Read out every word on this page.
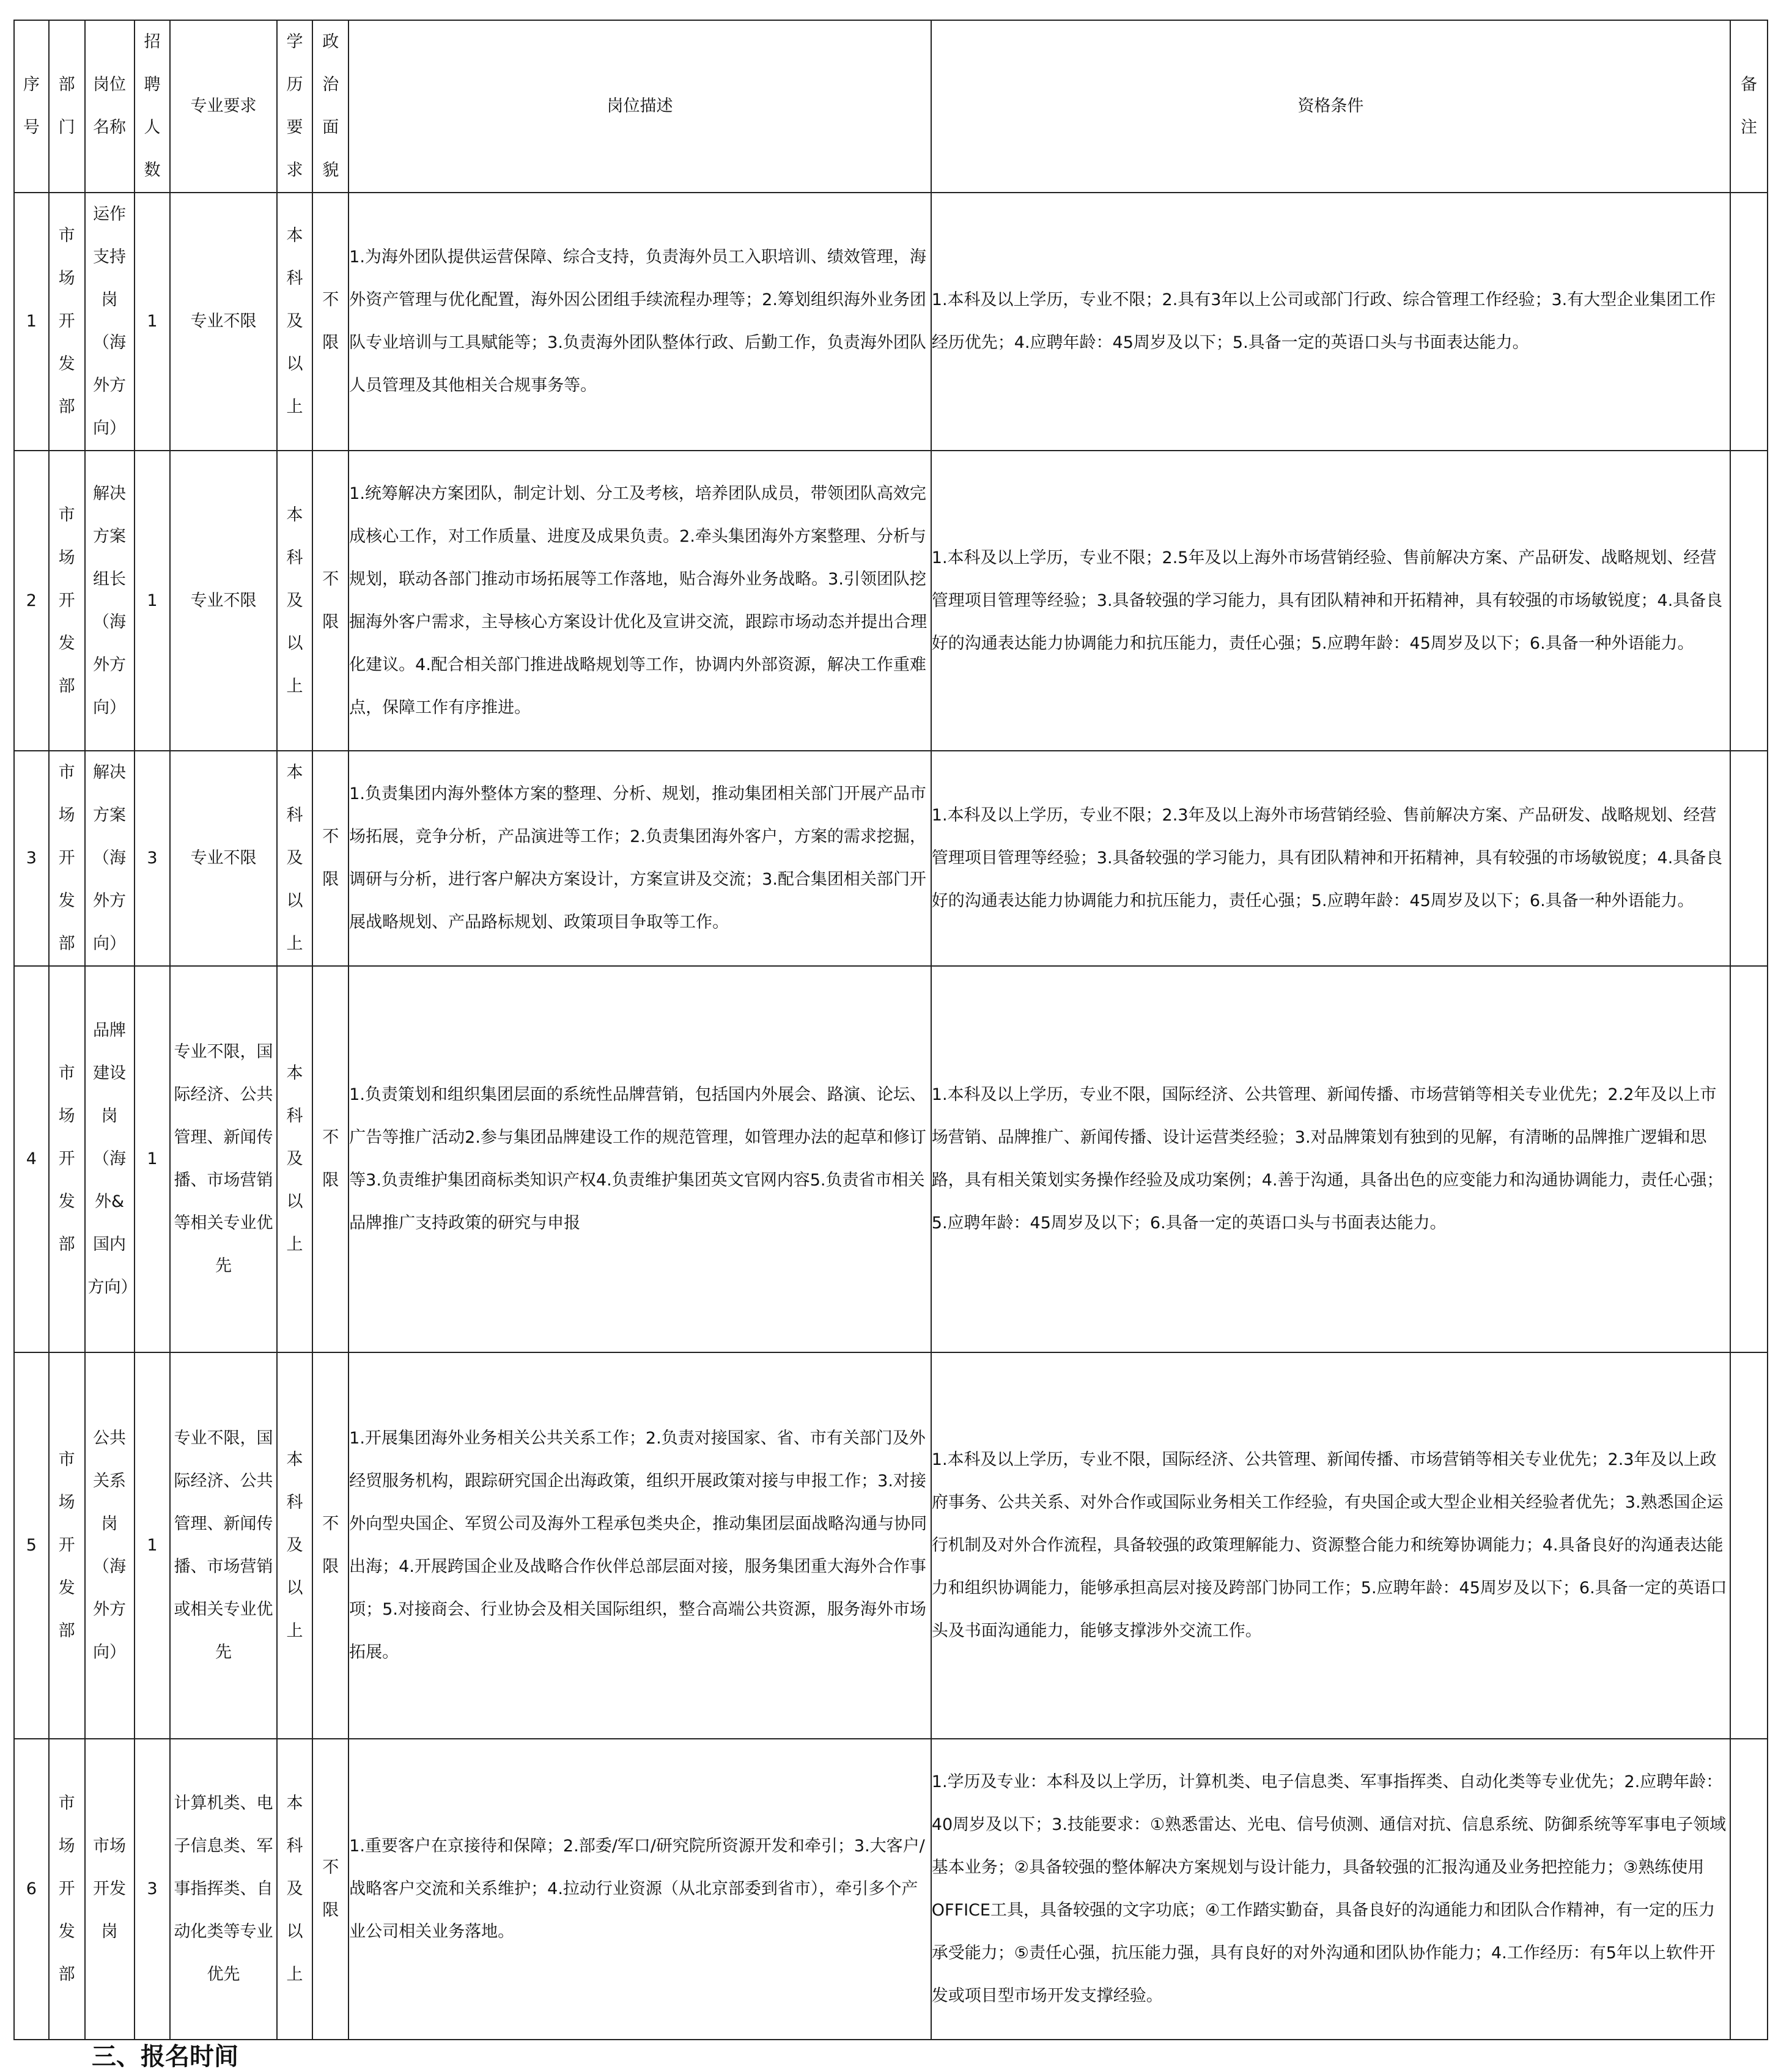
序号	部门	岗位名称	招聘人数	专业要求	学历要求	政治面貌	岗位描述	资格条件	备注

1	市场开发部	运作支持岗（海外方向）	1	专业不限	本科及以上	不限	1.为海外团队提供运营保障、综合支持，负责海外员工入职培训、绩效管理，海外资产管理与优化配置，海外因公团组手续流程办理等；2.筹划组织海外业务团队专业培训与工具赋能等；3.负责海外团队整体行政、后勤工作，负责海外团队人员管理及其他相关合规事务等。	1.本科及以上学历，专业不限；2.具有3年以上公司或部门行政、综合管理工作经验；3.有大型企业集团工作经历优先；4.应聘年龄：45周岁及以下；5.具备一定的英语口头与书面表达能力。	
2	市场开发部	解决方案组长（海外方向）	1	专业不限	本科及以上	不限	1.统筹解决方案团队，制定计划、分工及考核，培养团队成员，带领团队高效完成核心工作，对工作质量、进度及成果负责。2.牵头集团海外方案整理、分析与规划，联动各部门推动市场拓展等工作落地，贴合海外业务战略。3.引领团队挖掘海外客户需求，主导核心方案设计优化及宣讲交流，跟踪市场动态并提出合理化建议。4.配合相关部门推进战略规划等工作，协调内外部资源，解决工作重难点，保障工作有序推进。	1.本科及以上学历，专业不限；2.5年及以上海外市场营销经验、售前解决方案、产品研发、战略规划、经营管理项目管理等经验；3.具备较强的学习能力，具有团队精神和开拓精神，具有较强的市场敏锐度；4.具备良好的沟通表达能力协调能力和抗压能力，责任心强；5.应聘年龄：45周岁及以下；6.具备一种外语能力。	
3	市场开发部	解决方案（海外方向）	3	专业不限	本科及以上	不限	1.负责集团内海外整体方案的整理、分析、规划，推动集团相关部门开展产品市场拓展，竞争分析，产品演进等工作；2.负责集团海外客户，方案的需求挖掘，调研与分析，进行客户解决方案设计，方案宣讲及交流；3.配合集团相关部门开展战略规划、产品路标规划、政策项目争取等工作。	1.本科及以上学历，专业不限；2.3年及以上海外市场营销经验、售前解决方案、产品研发、战略规划、经营管理项目管理等经验；3.具备较强的学习能力，具有团队精神和开拓精神，具有较强的市场敏锐度；4.具备良好的沟通表达能力协调能力和抗压能力，责任心强；5.应聘年龄：45周岁及以下；6.具备一种外语能力。	
4	市场开发部	品牌建设岗（海外&国内方向）	1	专业不限，国际经济、公共管理、新闻传播、市场营销等相关专业优先	本科及以上	不限	1.负责策划和组织集团层面的系统性品牌营销，包括国内外展会、路演、论坛、广告等推广活动2.参与集团品牌建设工作的规范管理，如管理办法的起草和修订等3.负责维护集团商标类知识产权4.负责维护集团英文官网内容5.负责省市相关品牌推广支持政策的研究与申报	1.本科及以上学历，专业不限，国际经济、公共管理、新闻传播、市场营销等相关专业优先；2.2年及以上市场营销、品牌推广、新闻传播、设计运营类经验；3.对品牌策划有独到的见解，有清晰的品牌推广逻辑和思路，具有相关策划实务操作经验及成功案例；4.善于沟通，具备出色的应变能力和沟通协调能力，责任心强；5.应聘年龄：45周岁及以下；6.具备一定的英语口头与书面表达能力。	
5	市场开发部	公共关系岗（海外方向）	1	专业不限，国际经济、公共管理、新闻传播、市场营销或相关专业优先	本科及以上	不限	1.开展集团海外业务相关公共关系工作；2.负责对接国家、省、市有关部门及外经贸服务机构，跟踪研究国企出海政策，组织开展政策对接与申报工作；3.对接外向型央国企、军贸公司及海外工程承包类央企，推动集团层面战略沟通与协同出海；4.开展跨国企业及战略合作伙伴总部层面对接，服务集团重大海外合作事项；5.对接商会、行业协会及相关国际组织，整合高端公共资源，服务海外市场拓展。	1.本科及以上学历，专业不限，国际经济、公共管理、新闻传播、市场营销等相关专业优先；2.3年及以上政府事务、公共关系、对外合作或国际业务相关工作经验，有央国企或大型企业相关经验者优先；3.熟悉国企运行机制及对外合作流程，具备较强的政策理解能力、资源整合能力和统筹协调能力；4.具备良好的沟通表达能力和组织协调能力，能够承担高层对接及跨部门协同工作；5.应聘年龄：45周岁及以下；6.具备一定的英语口头及书面沟通能力，能够支撑涉外交流工作。	
6	市场开发部	市场开发岗	3	计算机类、电子信息类、军事指挥类、自动化类等专业优先	本科及以上	不限	1.重要客户在京接待和保障；2.部委/军口/研究院所资源开发和牵引；3.大客户/战略客户交流和关系维护；4.拉动行业资源（从北京部委到省市），牵引多个产业公司相关业务落地。	1.学历及专业：本科及以上学历，计算机类、电子信息类、军事指挥类、自动化类等专业优先；2.应聘年龄：40周岁及以下；3.技能要求：①熟悉雷达、光电、信号侦测、通信对抗、信息系统、防御系统等军事电子领域基本业务；②具备较强的整体解决方案规划与设计能力，具备较强的汇报沟通及业务把控能力；③熟练使用OFFICE工具，具备较强的文字功底；④工作踏实勤奋，具备良好的沟通能力和团队合作精神，有一定的压力承受能力；⑤责任心强，抗压能力强，具有良好的对外沟通和团队协作能力；4.工作经历：有5年以上软件开发或项目型市场开发支撑经验。	
三、报名时间
